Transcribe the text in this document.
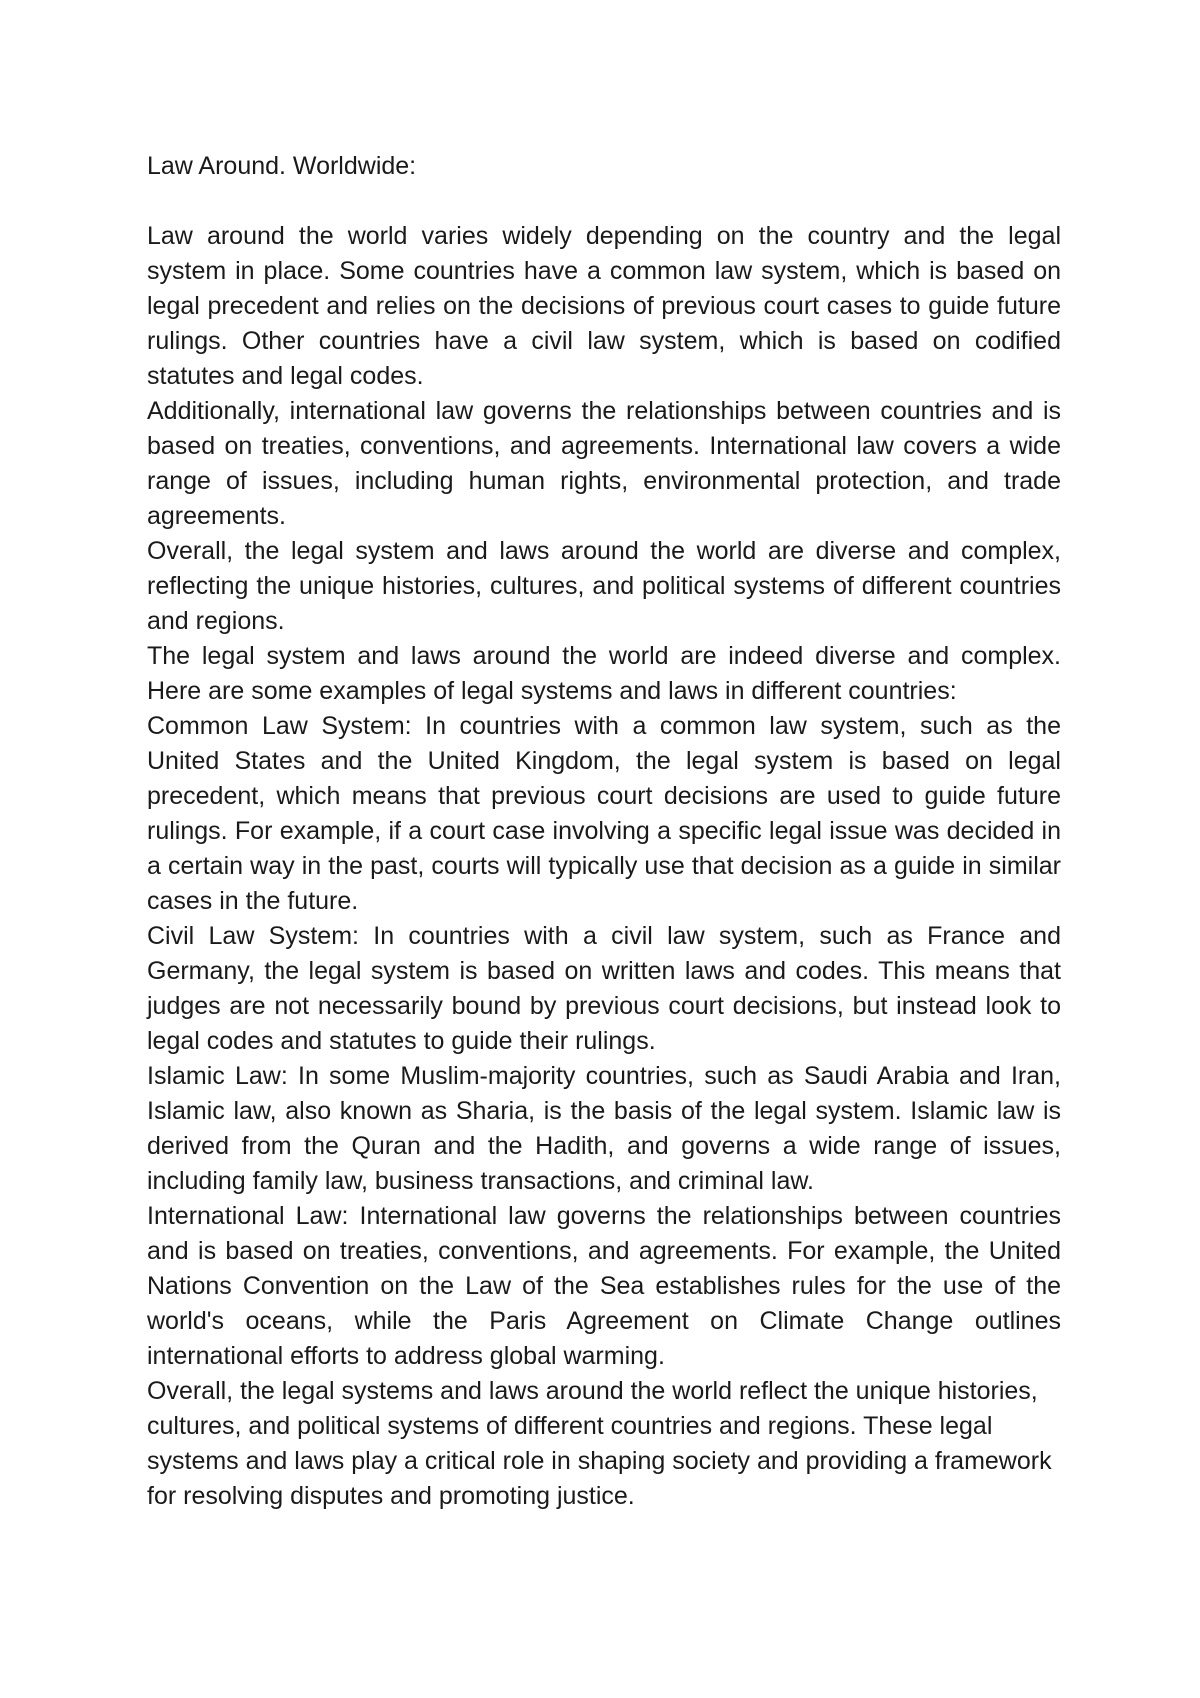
Law Around. Worldwide:

Law around the world varies widely depending on the country and the legal system in place. Some countries have a common law system, which is based on legal precedent and relies on the decisions of previous court cases to guide future rulings. Other countries have a civil law system, which is based on codified statutes and legal codes.

Additionally, international law governs the relationships between countries and is based on treaties, conventions, and agreements. International law covers a wide range of issues, including human rights, environmental protection, and trade agreements.

Overall, the legal system and laws around the world are diverse and complex, reflecting the unique histories, cultures, and political systems of different countries and regions.

The legal system and laws around the world are indeed diverse and complex. Here are some examples of legal systems and laws in different countries:

Common Law System: In countries with a common law system, such as the United States and the United Kingdom, the legal system is based on legal precedent, which means that previous court decisions are used to guide future rulings. For example, if a court case involving a specific legal issue was decided in a certain way in the past, courts will typically use that decision as a guide in similar cases in the future.

Civil Law System: In countries with a civil law system, such as France and Germany, the legal system is based on written laws and codes. This means that judges are not necessarily bound by previous court decisions, but instead look to legal codes and statutes to guide their rulings.

Islamic Law: In some Muslim-majority countries, such as Saudi Arabia and Iran, Islamic law, also known as Sharia, is the basis of the legal system. Islamic law is derived from the Quran and the Hadith, and governs a wide range of issues, including family law, business transactions, and criminal law.

International Law: International law governs the relationships between countries and is based on treaties, conventions, and agreements. For example, the United Nations Convention on the Law of the Sea establishes rules for the use of the world's oceans, while the Paris Agreement on Climate Change outlines international efforts to address global warming.

Overall, the legal systems and laws around the world reflect the unique histories, cultures, and political systems of different countries and regions. These legal systems and laws play a critical role in shaping society and providing a framework for resolving disputes and promoting justice.
